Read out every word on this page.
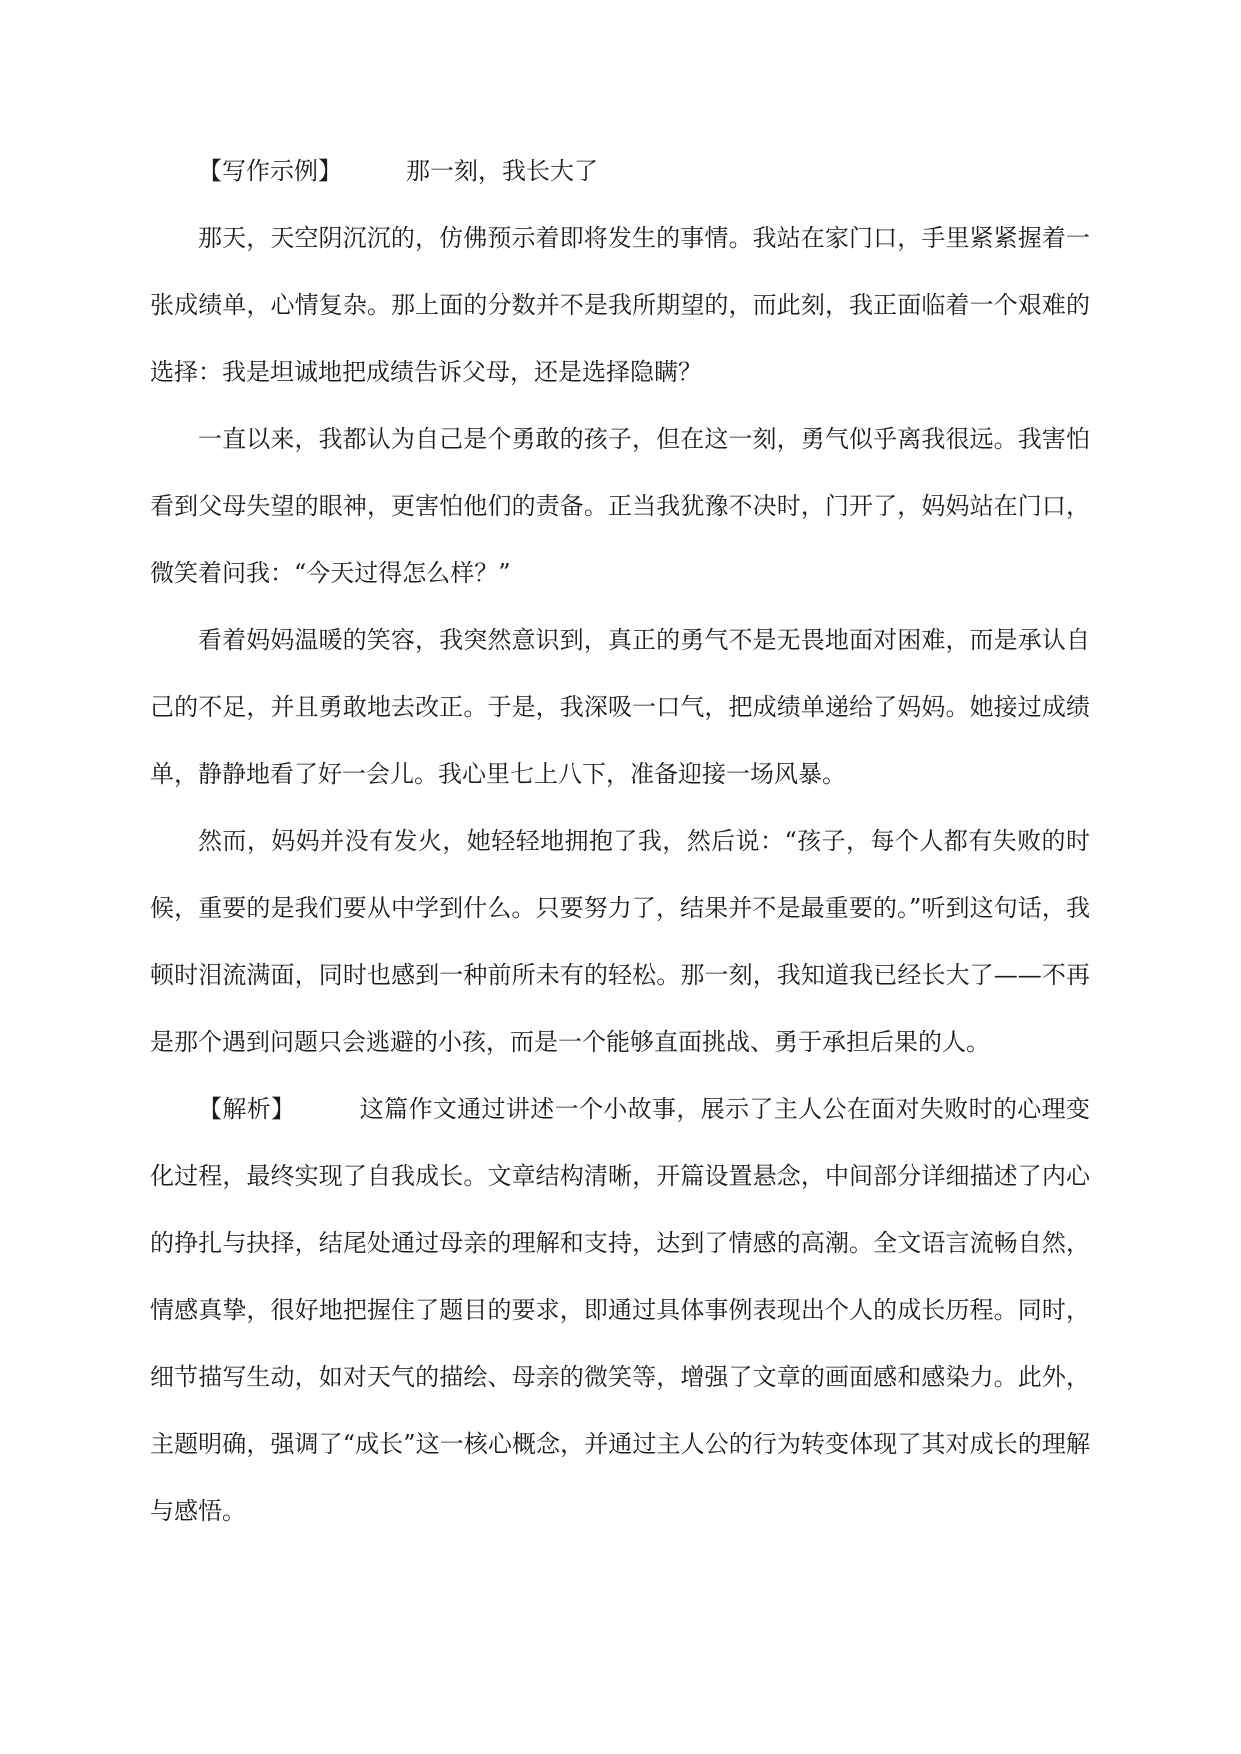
【写作示例】	那一刻，我长大了

那天，天空阴沉沉的，仿佛预示着即将发生的事情。我站在家门口，手里紧紧握着一张成绩单，心情复杂。那上面的分数并不是我所期望的，而此刻，我正面临着一个艰难的选择：我是坦诚地把成绩告诉父母，还是选择隐瞒？

一直以来，我都认为自己是个勇敢的孩子，但在这一刻，勇气似乎离我很远。我害怕看到父母失望的眼神，更害怕他们的责备。正当我犹豫不决时，门开了，妈妈站在门口，微笑着问我：“今天过得怎么样？”

看着妈妈温暖的笑容，我突然意识到，真正的勇气不是无畏地面对困难，而是承认自己的不足，并且勇敢地去改正。于是，我深吸一口气，把成绩单递给了妈妈。她接过成绩单，静静地看了好一会儿。我心里七上八下，准备迎接一场风暴。

然而，妈妈并没有发火，她轻轻地拥抱了我，然后说：“孩子，每个人都有失败的时候，重要的是我们要从中学到什么。只要努力了，结果并不是最重要的。”听到这句话，我顿时泪流满面，同时也感到一种前所未有的轻松。那一刻，我知道我已经长大了——不再是那个遇到问题只会逃避的小孩，而是一个能够直面挑战、勇于承担后果的人。

【解析】	这篇作文通过讲述一个小故事，展示了主人公在面对失败时的心理变化过程，最终实现了自我成长。文章结构清晰，开篇设置悬念，中间部分详细描述了内心的挣扎与抉择，结尾处通过母亲的理解和支持，达到了情感的高潮。全文语言流畅自然，情感真挚，很好地把握住了题目的要求，即通过具体事例表现出个人的成长历程。同时，细节描写生动，如对天气的描绘、母亲的微笑等，增强了文章的画面感和感染力。此外，主题明确，强调了“成长”这一核心概念，并通过主人公的行为转变体现了其对成长的理解与感悟。
